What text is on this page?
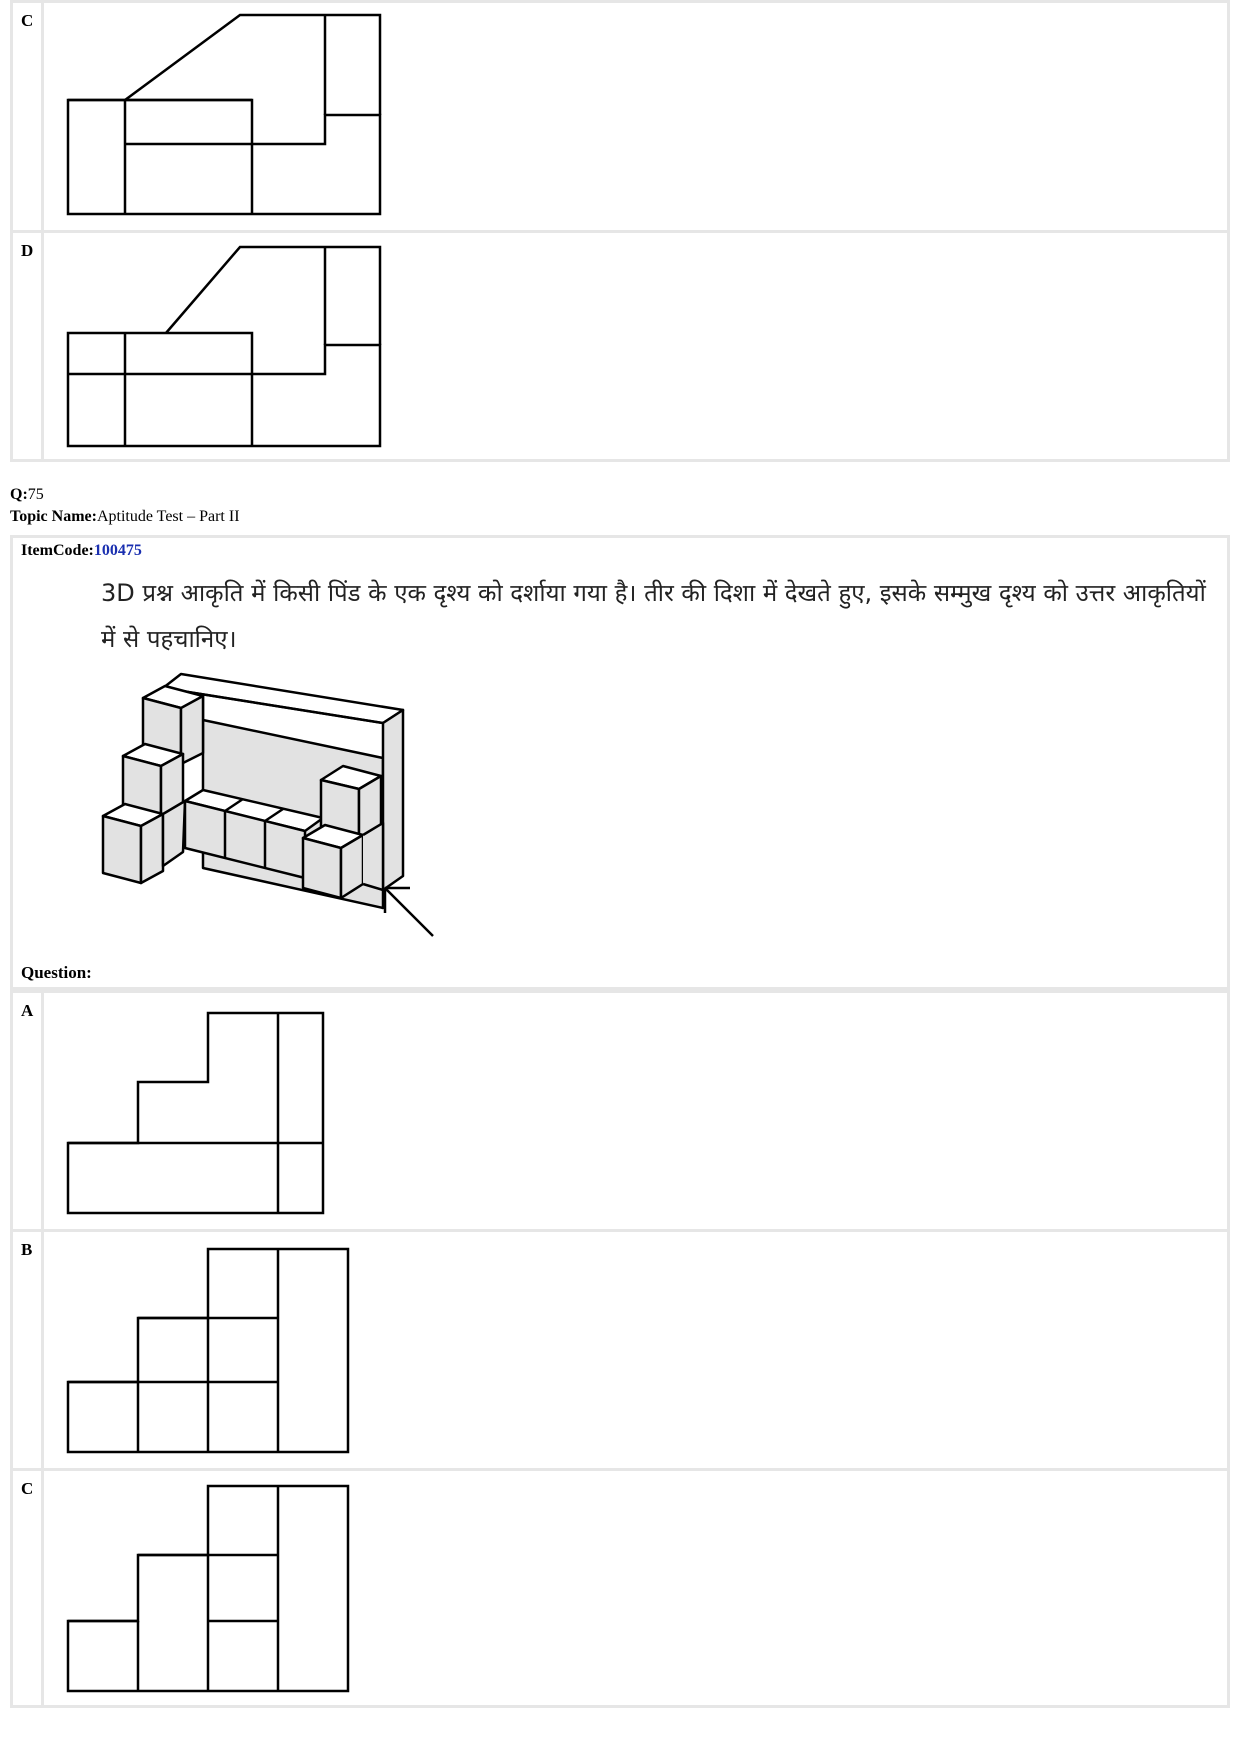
C
D
Q:75
Topic Name:Aptitude Test – Part II
ItemCode:100475
3D प्रश्न आकृति में किसी पिंड के एक दृश्य को दर्शाया गया है। तीर की दिशा में देखते हुए, इसके सम्मुख दृश्य को उत्तर आकृतियों में से पहचानिए।
Question:
A
B
C
